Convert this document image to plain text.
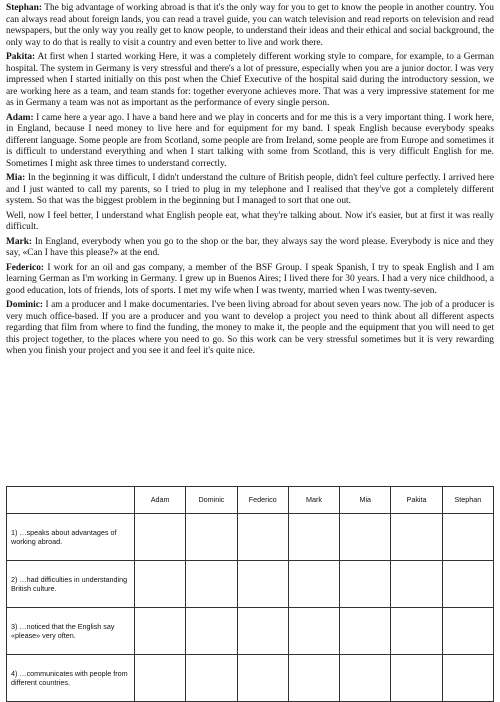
Stephan: The big advantage of working abroad is that it's the only way for you to get to know the people in another country. You can always read about foreign lands, you can read a travel guide, you can watch television and read reports on television and read newspapers, but the only way you really get to know people, to understand their ideas and their ethical and social background, the only way to do that is really to visit a country and even better to live and work there.

Pakita: At first when I started working Here, it was a completely different working style to compare, for example, to a German hospital. The system in Germany is very stressful and there's a lot of pressure, especially when you are a junior doctor. I was very impressed when I started initially on this post when the Chief Executive of the hospital said during the introductory session, we are working here as a team, and team stands for: together everyone achieves more. That was a very impressive statement for me as in Germany a team was not as important as the performance of every single person.

Adam: I came here a year ago. I have a band here and we play in concerts and for me this is a very important thing. I work here, in England, because I need money to live here and for equipment for my band. I speak English because everybody speaks different language. Some people are from Scotland, some people are from Ireland, some people are from Europe and sometimes it is difficult to understand everything and when I start talking with some from Scotland, this is very difficult English for me. Sometimes I might ask three times to understand correctly.

Mia: In the beginning it was difficult, I didn't understand the culture of British people, didn't feel culture perfectly. I arrived here and I just wanted to call my parents, so I tried to plug in my telephone and I realised that they've got a completely different system. So that was the biggest problem in the beginning but I managed to sort that one out.

Well, now I feel better, I understand what English people eat, what they're talking about. Now it's easier, but at first it was really difficult.

Mark: In England, everybody when you go to the shop or the bar, they always say the word please. Everybody is nice and they say, «Can I have this please?» at the end.

Federico: I work for an oil and gas company, a member of the BSF Group. I speak Spanish, I try to speak English and I am learning German as I'm working in Germany. I grew up in Buenos Aires; I lived there for 30 years. I had a very nice childhood, a good education, lots of friends, lots of sports. I met my wife when I was twenty, married when I was twenty-seven.

Dominic: I am a producer and I make documentaries. I've been living abroad for about seven years now. The job of a producer is very much office-based. If you are a producer and you want to develop a project you need to think about all different aspects regarding that film from where to find the funding, the money to make it, the people and the equipment that you will need to get this project together, to the places where you need to go. So this work can be very stressful sometimes but it is very rewarding when you finish your project and you see it and feel it's quite nice.

	Adam	Dominic	Federico	Mark	Mia	Pakita	Stephan
1) …speaks about advantages of working abroad.							
2) …had difficulties in understanding British culture.							
3) …noticed that the English say «please» very often.							
4) …communicates with people from different countries.							
